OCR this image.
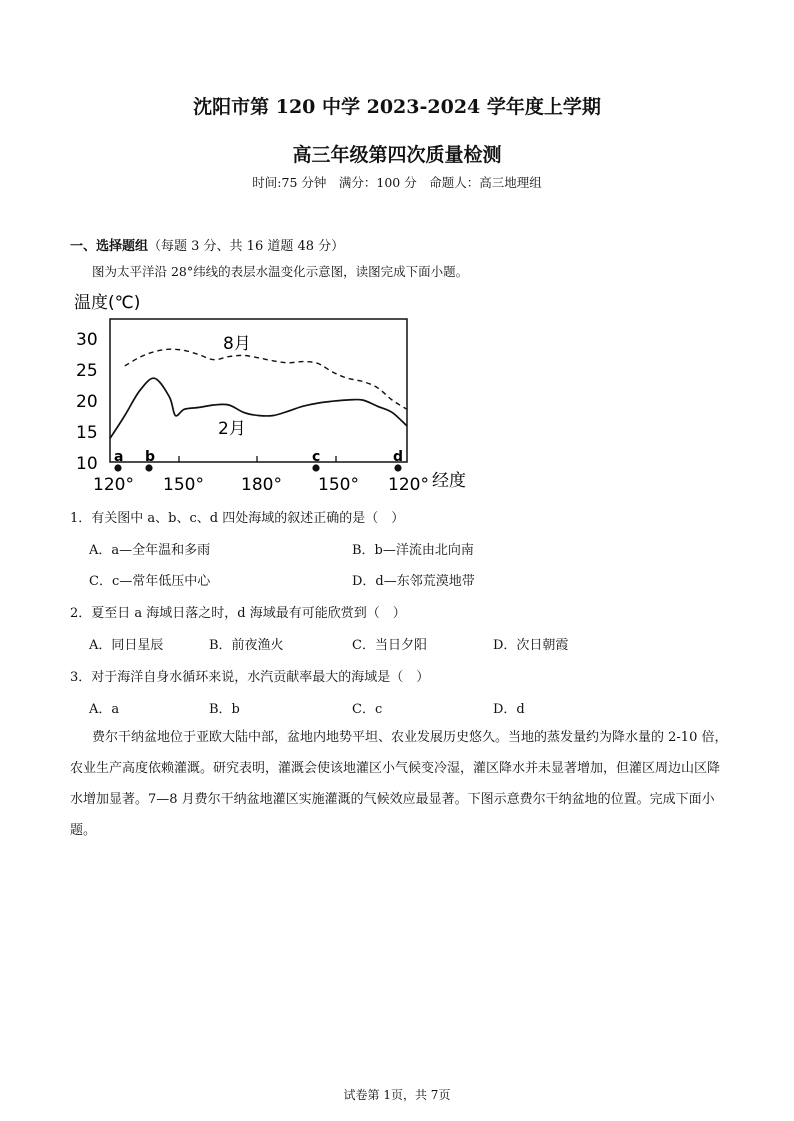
沈阳市第 120 中学 2023-2024 学年度上学期
高三年级第四次质量检测
时间:75 分钟　满分：100 分　命题人：高三地理组
一、选择题组（每题 3 分、共 16 道题 48 分）
图为太平洋沿 28°纬线的表层水温变化示意图，读图完成下面小题。
温度(℃)
30
25
20
15
10
120° 150° 180° 150° 120° 经度
8月
2月
a b	c	d
1．有关图中 a、b、c、d 四处海域的叙述正确的是（　）
A．a—全年温和多雨	B．b—洋流由北向南
C．c—常年低压中心	D．d—东邻荒漠地带
2．夏至日 a 海域日落之时，d 海域最有可能欣赏到（　）
A．同日星辰	B．前夜渔火	C．当日夕阳	D．次日朝霞
3．对于海洋自身水循环来说，水汽贡献率最大的海域是（　）
A．a	B．b	C．c	D．d
费尔干纳盆地位于亚欧大陆中部，盆地内地势平坦、农业发展历史悠久。当地的蒸发量约为降水量的 2-10 倍，农业生产高度依赖灌溉。研究表明，灌溉会使该地灌区小气候变冷湿，灌区降水并未显著增加，但灌区周边山区降水增加显著。7—8 月费尔干纳盆地灌区实施灌溉的气候效应最显著。下图示意费尔干纳盆地的位置。完成下面小题。
试卷第 1页，共 7页
